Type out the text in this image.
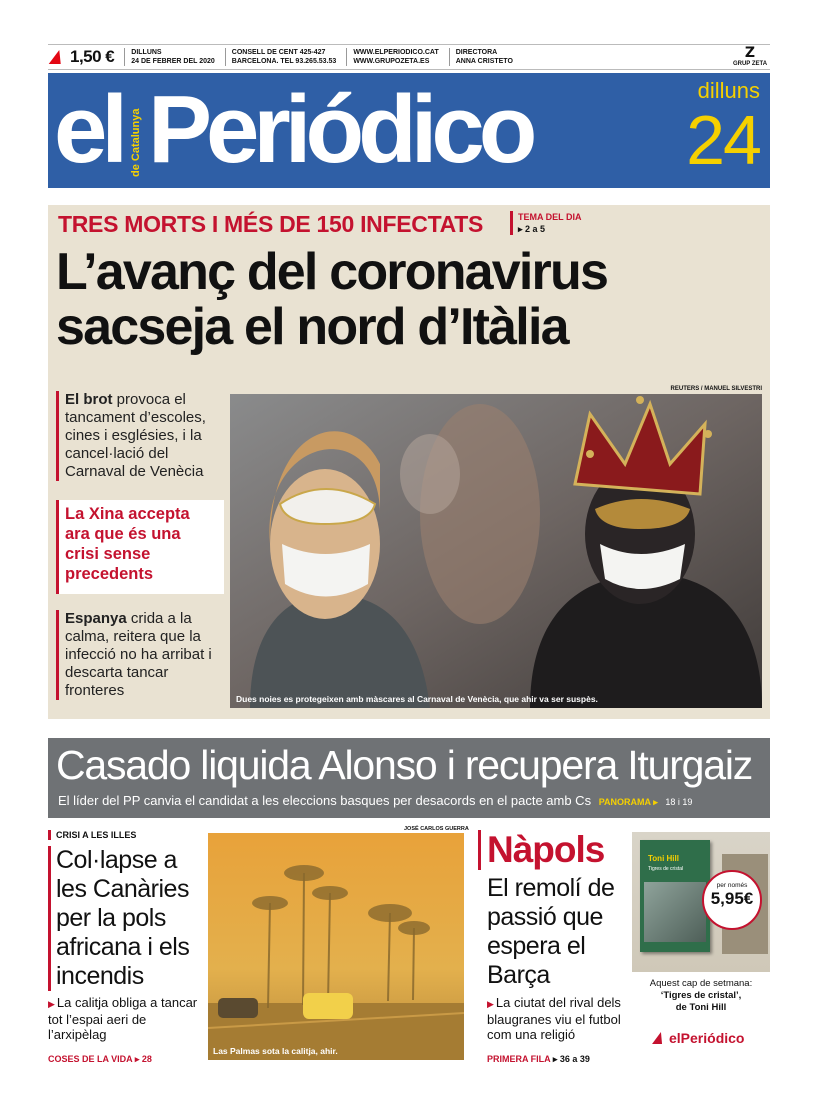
1,50 € DILLUNS
24 DE FEBRER DEL 2020
CONSELL DE CENT 425-427
BARCELONA. TEL 93.265.53.53
WWW.ELPERIODICO.CAT
WWW.GRUPOZETA.ES
DIRECTORA
ANNA CRISTETO
Z
GRUP ZETA
el de Catalunya Periódico	dilluns
24
TRES MORTS I MÉS DE 150 INFECTATS	TEMA DEL DIA
▸ 2 a 5
L’avanç del coronavirus sacseja el nord d’Itàlia
El brot provoca el tancament d’escoles, cines i esglésies, i la cancel·lació del Carnaval de Venècia
La Xina accepta ara que és una crisi sense precedents
Espanya crida a la calma, reitera que la infecció no ha arribat i descarta tancar fronteres
REUTERS / MANUEL SILVESTRI
Dues noies es protegeixen amb màscares al Carnaval de Venècia, que ahir va ser suspès.
Casado liquida Alonso i recupera Iturgaiz
El líder del PP canvia el candidat a les eleccions basques per desacords en el pacte amb Cs PANORAMA ▸ 18 i 19
CRISI A LES ILLES
Col·lapse a les Canàries per la pols africana i els incendis
▶ La calitja obliga a tancar tot l’espai aeri de l’arxipèlag
COSES DE LA VIDA ▸ 28
JOSÉ CARLOS GUERRA
Las Palmas sota la calitja, ahir.
Nàpols
El remolí de passió que espera el Barça
▶ La ciutat del rival dels blaugranes viu el futbol com una religió
PRIMERA FILA ▸ 36 a 39
Toni Hill
Tigres de cristal
per només
5,95€
Aquest cap de setmana:
‘Tigres de cristal’,
de Toni Hill
elPeriódico
